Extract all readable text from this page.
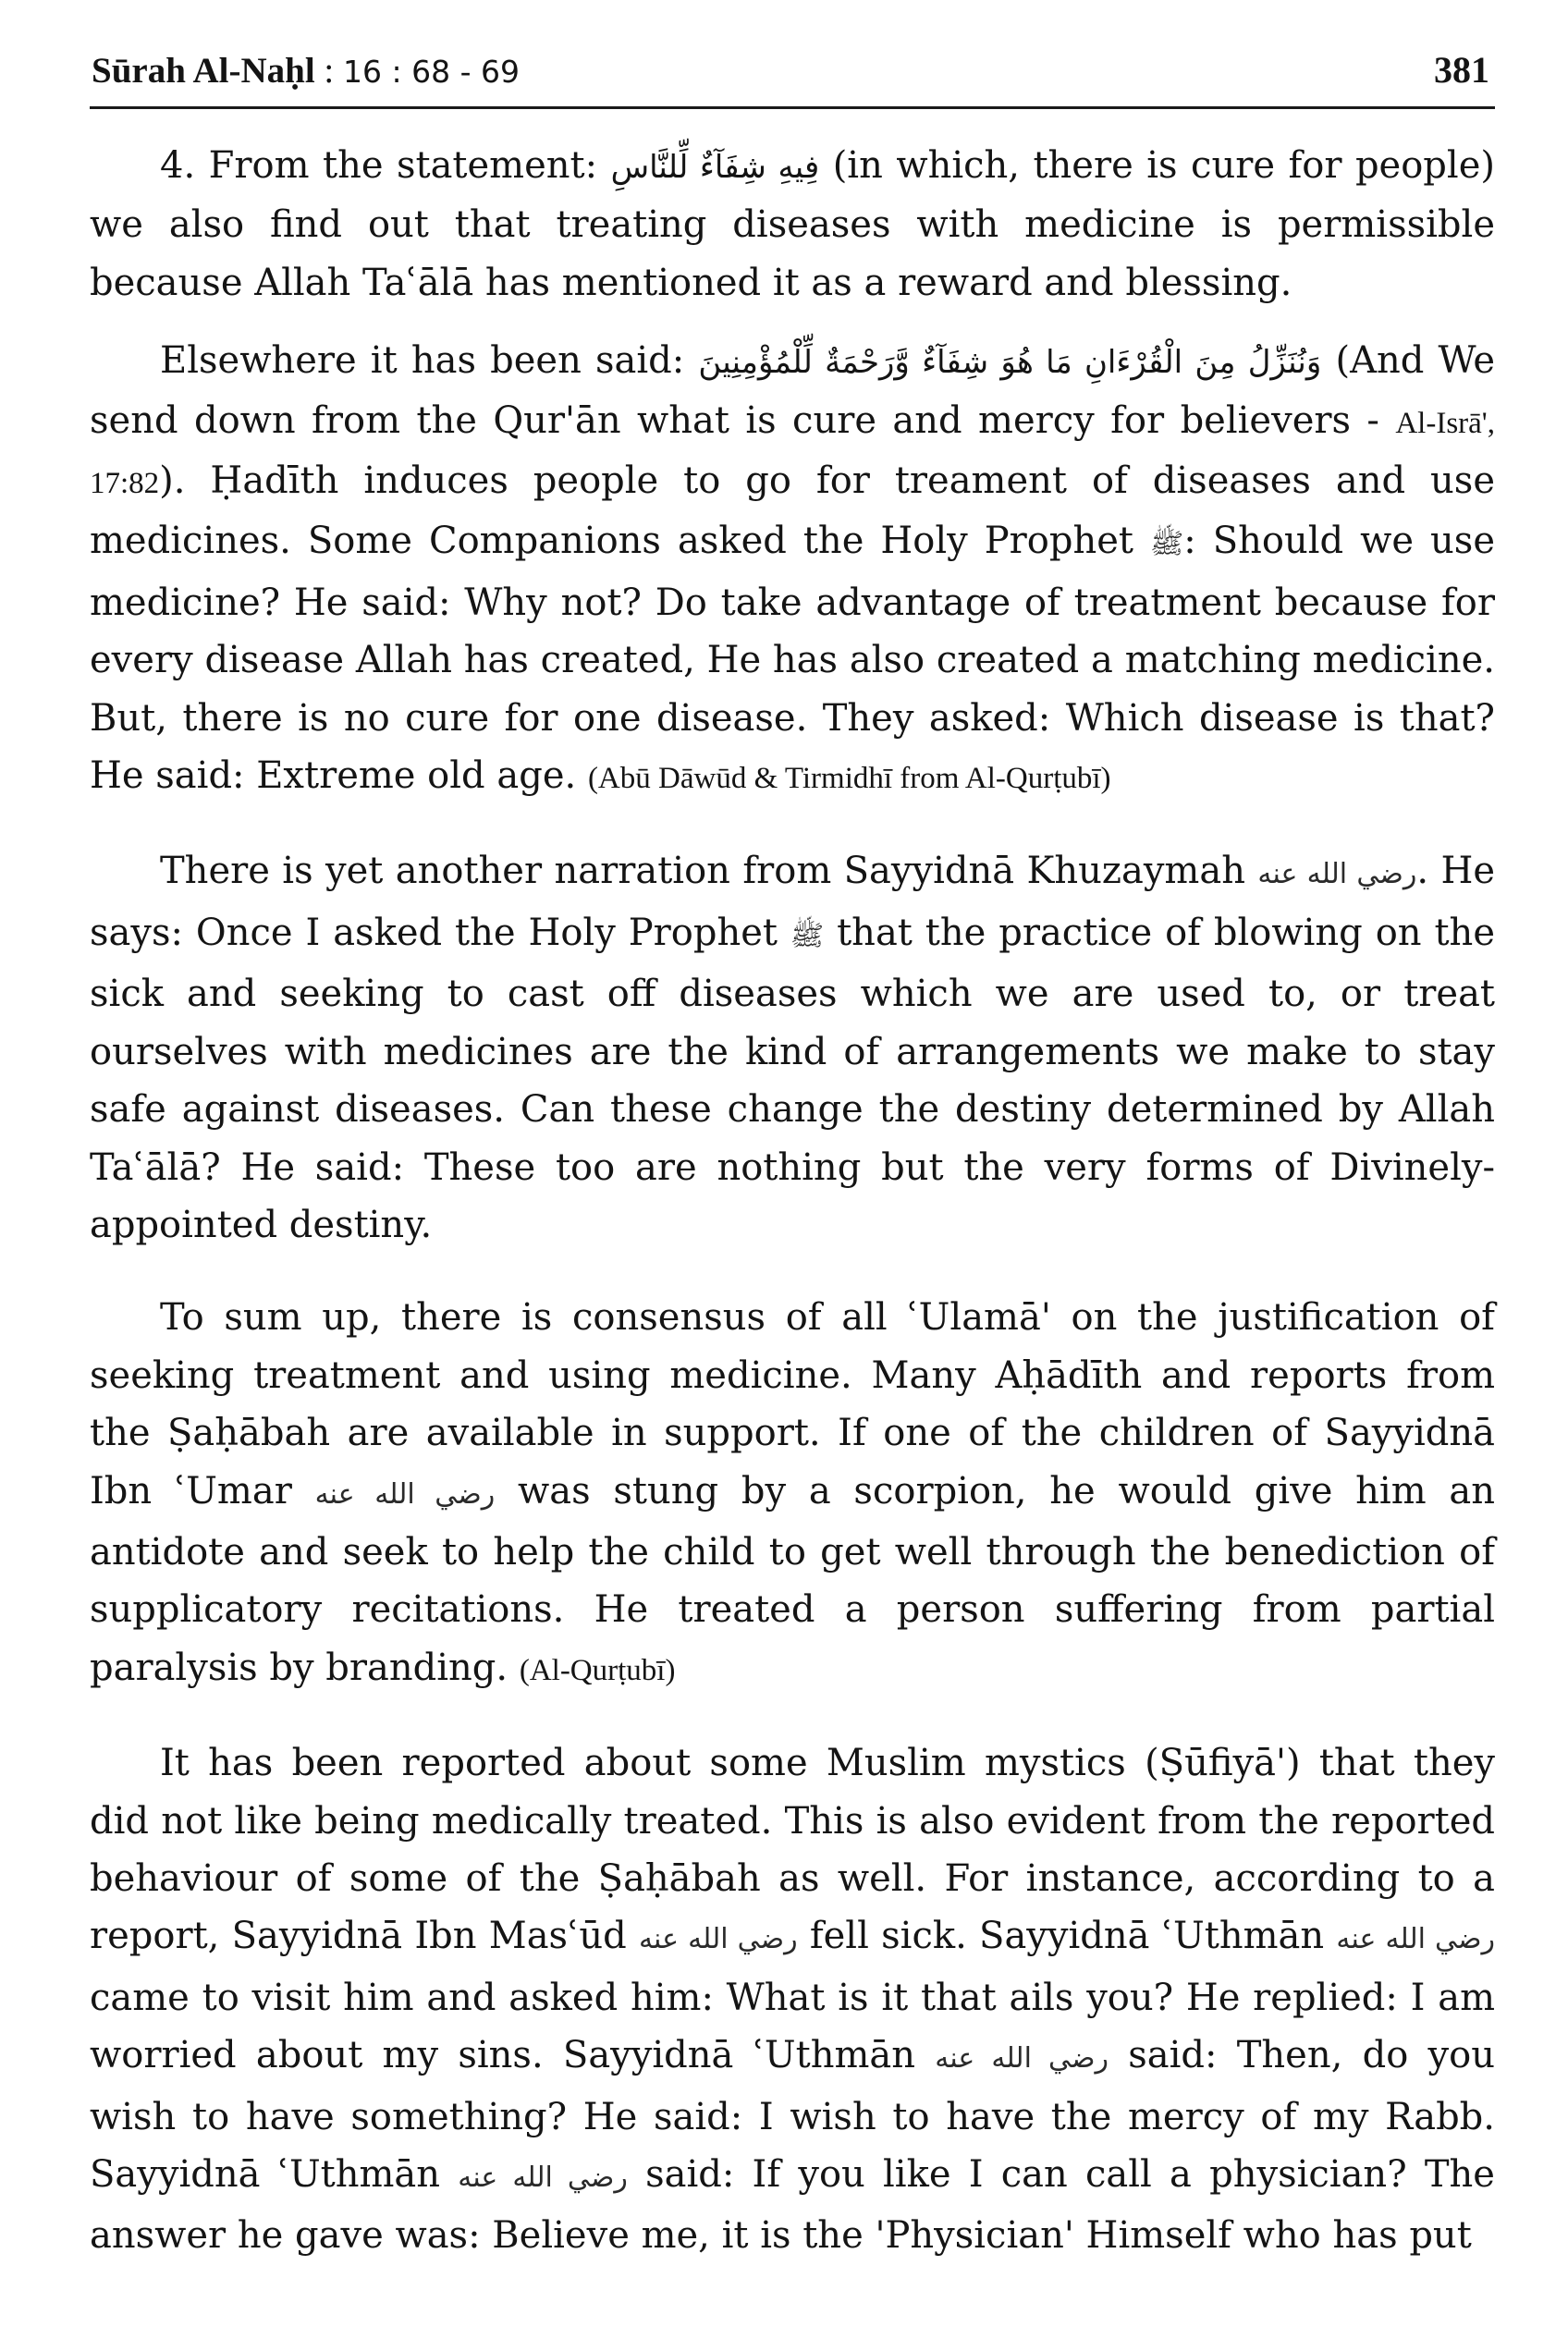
Sūrah Al-Naḥl : 16 : 68 - 69	381

4. From the statement: فِيهِ شِفَآءٌ لِّلنَّاسِ (in which, there is cure for people) we also find out that treating diseases with medicine is permissible because Allah Taʿālā has mentioned it as a reward and blessing.

Elsewhere it has been said: وَنُنَزِّلُ مِنَ الْقُرْءَانِ مَا هُوَ شِفَآءٌ وَّرَحْمَةٌ لِّلْمُؤْمِنِينَ (And We send down from the Qur'ān what is cure and mercy for believers - Al-Isrā', 17:82). Ḥadīth induces people to go for treament of diseases and use medicines. Some Companions asked the Holy Prophet ﷺ: Should we use medicine? He said: Why not? Do take advantage of treatment because for every disease Allah has created, He has also created a matching medicine. But, there is no cure for one disease. They asked: Which disease is that? He said: Extreme old age. (Abū Dāwūd & Tirmidhī from Al-Qurṭubī)

There is yet another narration from Sayyidnā Khuzaymah رضي الله عنه. He says: Once I asked the Holy Prophet ﷺ that the practice of blowing on the sick and seeking to cast off diseases which we are used to, or treat ourselves with medicines are the kind of arrangements we make to stay safe against diseases. Can these change the destiny determined by Allah Taʿālā? He said: These too are nothing but the very forms of Divinely-appointed destiny.

To sum up, there is consensus of all ʿUlamā' on the justification of seeking treatment and using medicine. Many Aḥādīth and reports from the Ṣaḥābah are available in support. If one of the children of Sayyidnā Ibn ʿUmar رضي الله عنه was stung by a scorpion, he would give him an antidote and seek to help the child to get well through the benediction of supplicatory recitations. He treated a person suffering from partial paralysis by branding. (Al-Qurṭubī)

It has been reported about some Muslim mystics (Ṣūfiyā') that they did not like being medically treated. This is also evident from the reported behaviour of some of the Ṣaḥābah as well. For instance, according to a report, Sayyidnā Ibn Masʿūd رضي الله عنه fell sick. Sayyidnā ʿUthmān رضي الله عنه came to visit him and asked him: What is it that ails you? He replied: I am worried about my sins. Sayyidnā ʿUthmān رضي الله عنه said: Then, do you wish to have something? He said: I wish to have the mercy of my Rabb. Sayyidnā ʿUthmān رضي الله عنه said: If you like I can call a physician? The answer he gave was: Believe me, it is the 'Physician' Himself who has put
